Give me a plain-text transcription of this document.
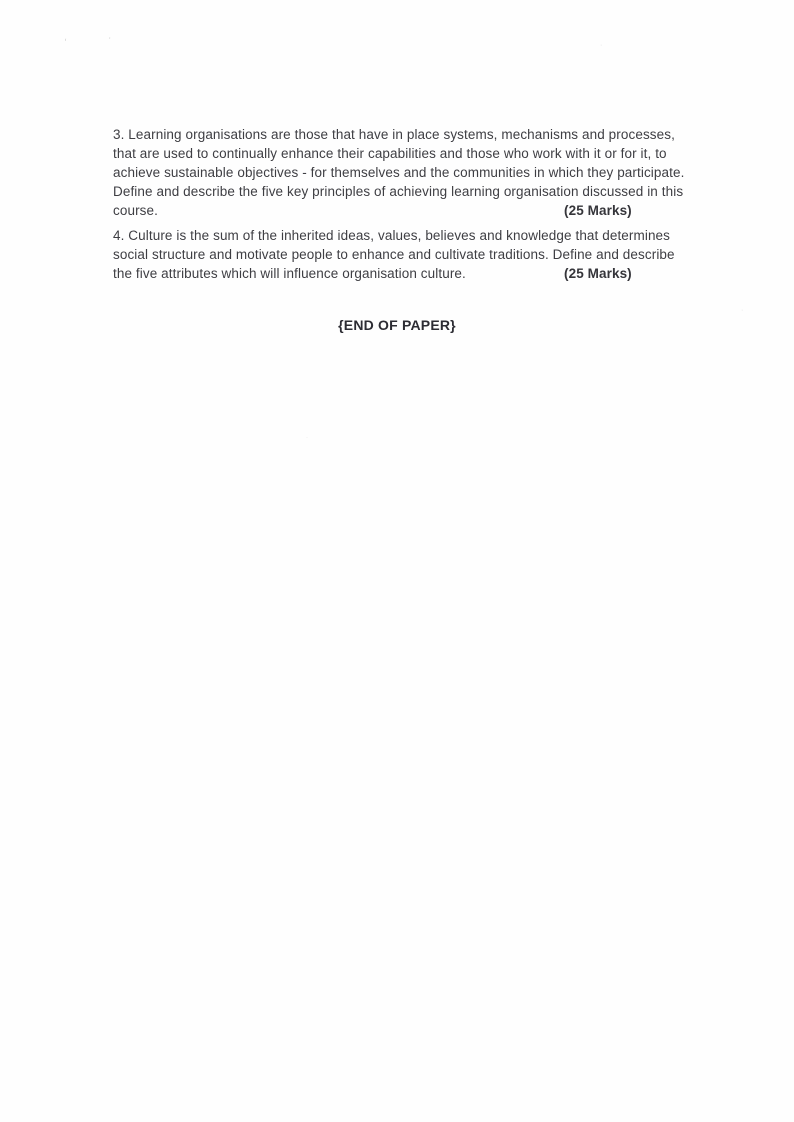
ʻ	ʹ
·
·
·
3. Learning organisations are those that have in place systems, mechanisms and processes,
that are used to continually enhance their capabilities and those who work with it or for it, to
achieve sustainable objectives - for themselves and the communities in which they participate.
Define and describe the five key principles of achieving learning organisation discussed in this
course.	(25 Marks)
4. Culture is the sum of the inherited ideas, values, believes and knowledge that determines
social structure and motivate people to enhance and cultivate traditions. Define and describe
the five attributes which will influence organisation culture.	(25 Marks)
{END OF PAPER}
